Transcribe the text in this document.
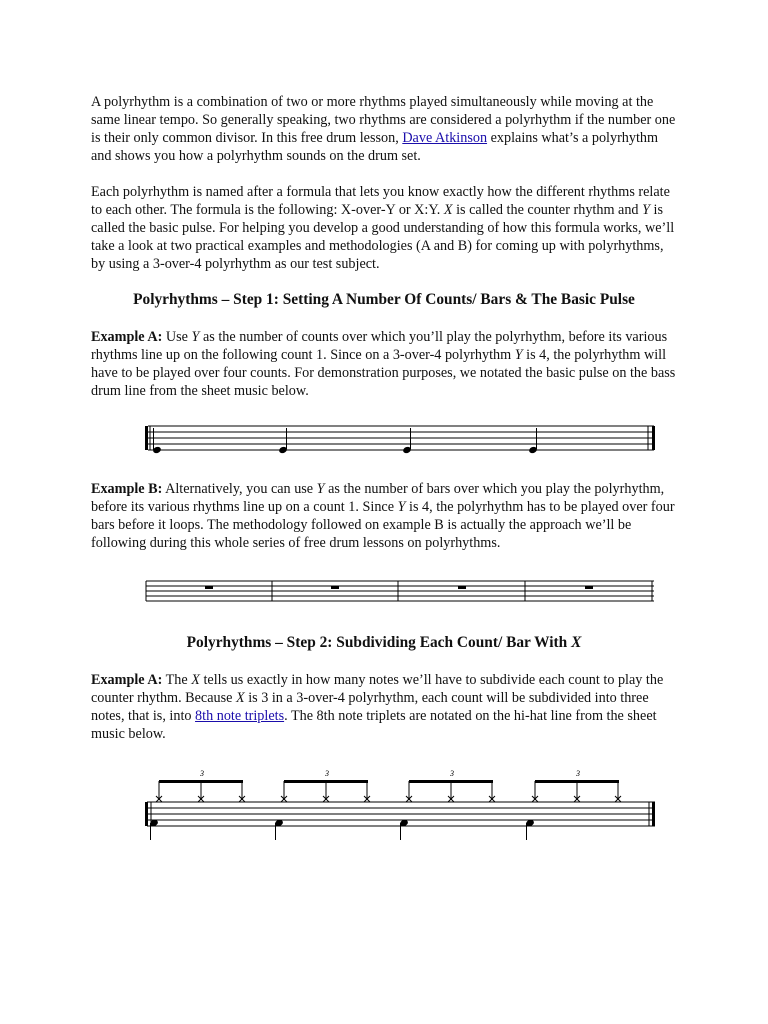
A polyrhythm is a combination of two or more rhythms played simultaneously while moving at the same linear tempo. So generally speaking, two rhythms are considered a polyrhythm if the number one is their only common divisor. In this free drum lesson, Dave Atkinson explains what’s a polyrhythm and shows you how a polyrhythm sounds on the drum set.

Each polyrhythm is named after a formula that lets you know exactly how the different rhythms relate to each other. The formula is the following: X-over-Y or X:Y. X is called the counter rhythm and Y is called the basic pulse. For helping you develop a good understanding of how this formula works, we’ll take a look at two practical examples and methodologies (A and B) for coming up with polyrhythms, by using a 3-over-4 polyrhythm as our test subject.

Polyrhythms – Step 1: Setting A Number Of Counts/ Bars & The Basic Pulse

Example A: Use Y as the number of counts over which you’ll play the polyrhythm, before its various rhythms line up on the following count 1. Since on a 3-over-4 polyrhythm Y is 4, the polyrhythm will have to be played over four counts. For demonstration purposes, we notated the basic pulse on the bass drum line from the sheet music below.

Example B: Alternatively, you can use Y as the number of bars over which you play the polyrhythm, before its various rhythms line up on a count 1. Since Y is 4, the polyrhythm has to be played over four bars before it loops. The methodology followed on example B is actually the approach we’ll be following during this whole series of free drum lessons on polyrhythms.

Polyrhythms – Step 2: Subdividing Each Count/ Bar With X

Example A: The X tells us exactly in how many notes we’ll have to subdivide each count to play the counter rhythm. Because X is 3 in a 3-over-4 polyrhythm, each count will be subdivided into three notes, that is, into 8th note triplets. The 8th note triplets are notated on the hi-hat line from the sheet music below.

3	3	3	3
